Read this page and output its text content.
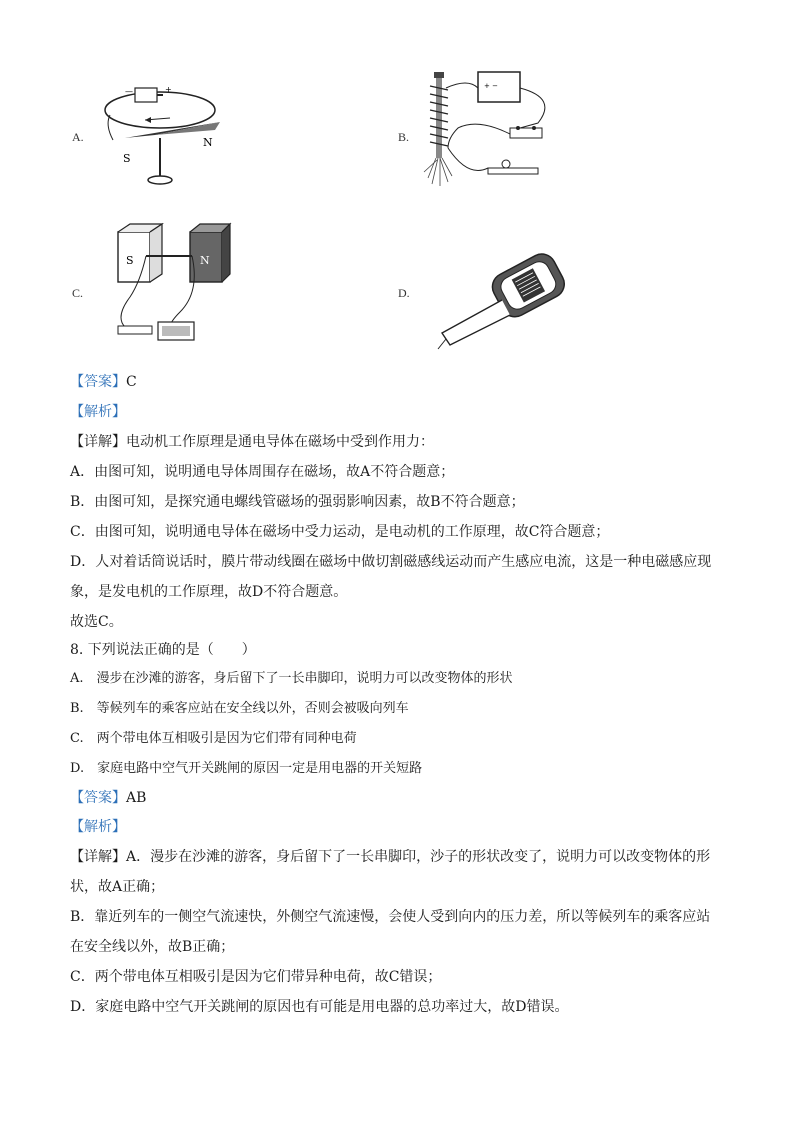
A.
—	+
S
N	B.
+ −
C.
S	N
D.
【答案】C
【解析】
【详解】电动机工作原理是通电导体在磁场中受到作用力：
A．由图可知，说明通电导体周围存在磁场，故A不符合题意；
B．由图可知，是探究通电螺线管磁场的强弱影响因素，故B不符合题意；
C．由图可知，说明通电导体在磁场中受力运动，是电动机的工作原理，故C符合题意；
D．人对着话筒说话时，膜片带动线圈在磁场中做切割磁感线运动而产生感应电流，这是一种电磁感应现
象，是发电机的工作原理，故D不符合题意。
故选C。
8. 下列说法正确的是（　　）
A.　漫步在沙滩的游客，身后留下了一长串脚印，说明力可以改变物体的形状
B.　等候列车的乘客应站在安全线以外，否则会被吸向列车
C.　两个带电体互相吸引是因为它们带有同种电荷
D.　家庭电路中空气开关跳闸的原因一定是用电器的开关短路
【答案】AB
【解析】
【详解】A．漫步在沙滩的游客，身后留下了一长串脚印，沙子的形状改变了，说明力可以改变物体的形
状，故A正确；
B．靠近列车的一侧空气流速快，外侧空气流速慢，会使人受到向内的压力差，所以等候列车的乘客应站
在安全线以外，故B正确；
C．两个带电体互相吸引是因为它们带异种电荷，故C错误；
D．家庭电路中空气开关跳闸的原因也有可能是用电器的总功率过大，故D错误。
